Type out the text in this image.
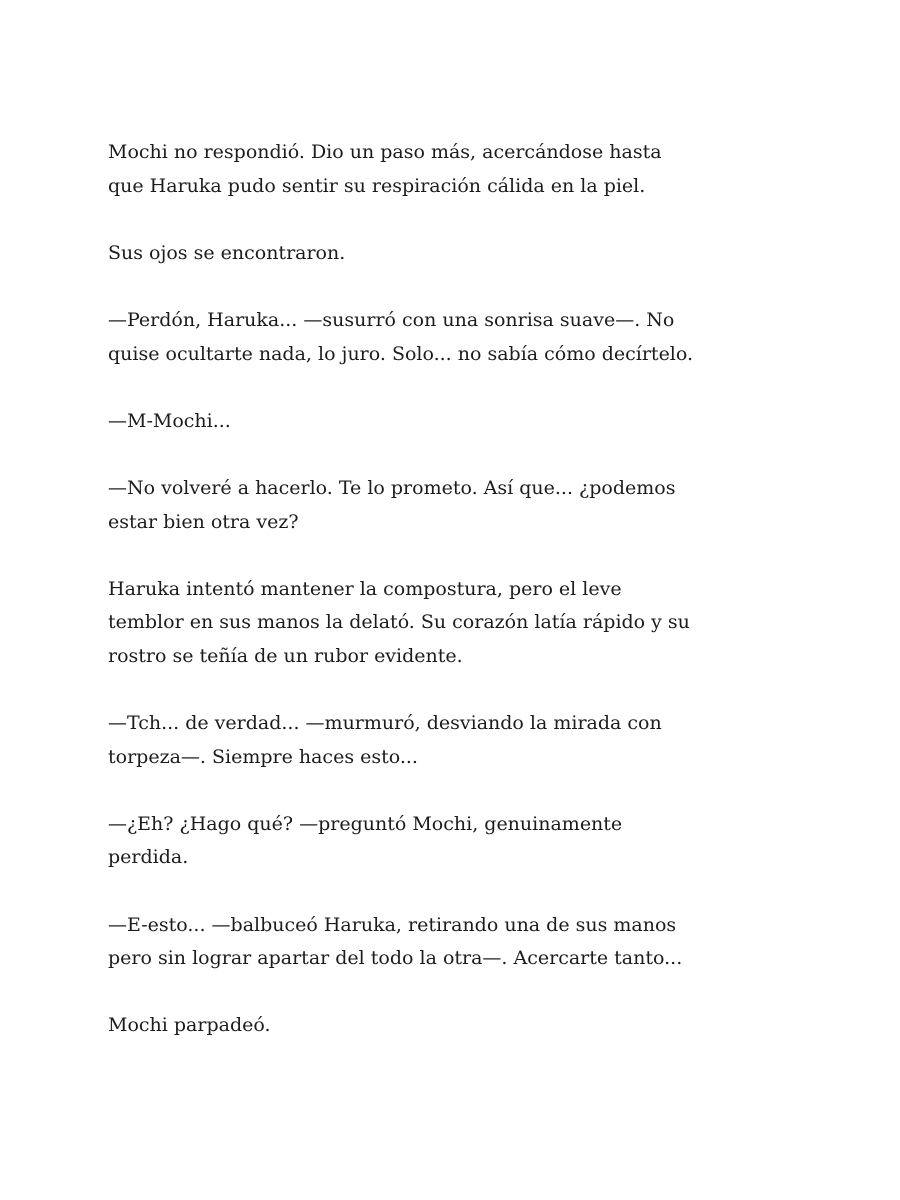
Mochi no respondió. Dio un paso más, acercándose hasta
que Haruka pudo sentir su respiración cálida en la piel.

Sus ojos se encontraron.

—Perdón, Haruka... —susurró con una sonrisa suave—. No
quise ocultarte nada, lo juro. Solo... no sabía cómo decírtelo.

—M-Mochi...

—No volveré a hacerlo. Te lo prometo. Así que... ¿podemos
estar bien otra vez?

Haruka intentó mantener la compostura, pero el leve
temblor en sus manos la delató. Su corazón latía rápido y su
rostro se teñía de un rubor evidente.

—Tch... de verdad... —murmuró, desviando la mirada con
torpeza—. Siempre haces esto...

—¿Eh? ¿Hago qué? —preguntó Mochi, genuinamente
perdida.

—E-esto... —balbuceó Haruka, retirando una de sus manos
pero sin lograr apartar del todo la otra—. Acercarte tanto...

Mochi parpadeó.
